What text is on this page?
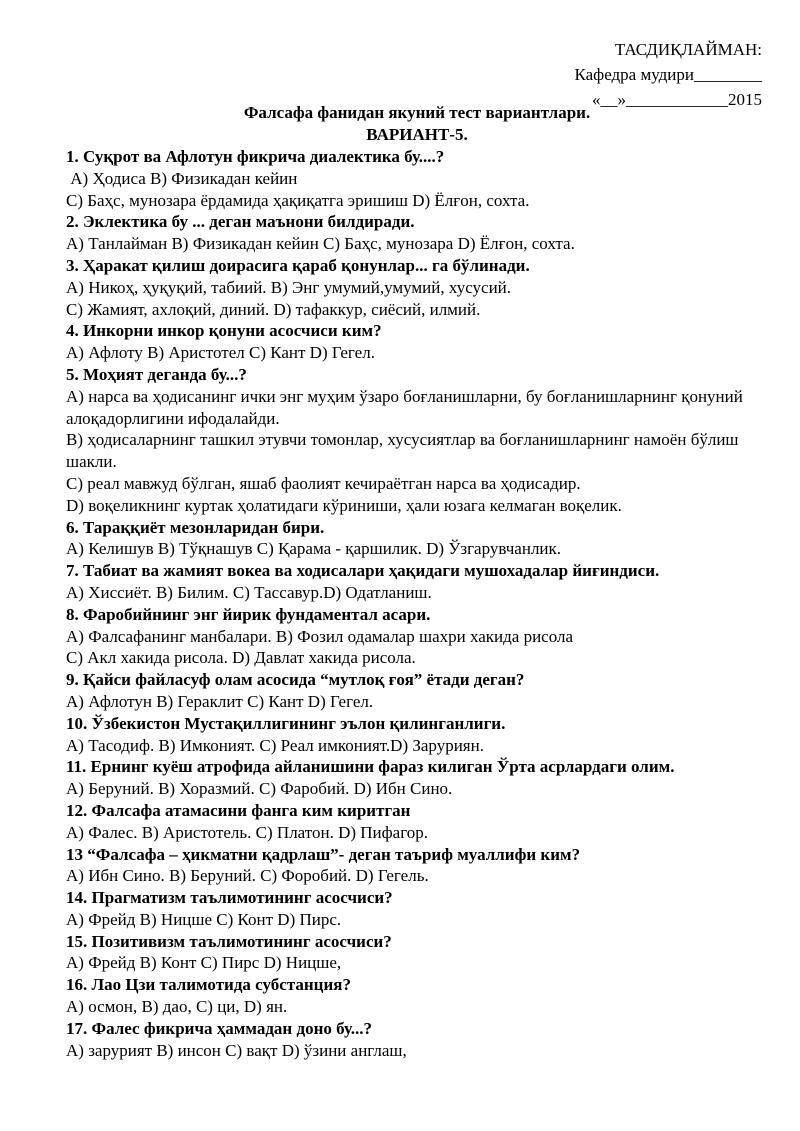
ТАСДИҚЛАЙМАН:
Кафедра мудири________
«__»____________2015
Фалсафа фанидан якуний тест вариантлари.
ВАРИАНТ-5.

1. Суқрот ва Афлотун фикрича диалектика бу....?

А) Ҳодиса В) Физикадан кейин

С) Баҳс, мунозара ёрдамида ҳақиқатга эришиш D) Ёлғон, сохта.

2. Эклектика бу ... деган маънони билдиради.

А) Танлайман В) Физикадан кейин С) Баҳс, мунозара D) Ёлғон, сохта.

3. Ҳаракат қилиш доирасига қараб қонунлар... га бўлинади.

А) Никоҳ, ҳуқуқий, табиий. В) Энг умумий,умумий, хусусий.

С) Жамият, ахлоқий, диний. D) тафаккур, сиёсий, илмий.

4. Инкорни инкор қонуни асосчиси ким?

А) Афлоту В) Аристотел С) Кант D) Гегел.

5. Моҳият деганда бу...?

А) нарса ва ҳодисанинг ички энг муҳим ўзаро боғланишларни, бу боғланишларнинг қонуний алоқадорлигини ифодалайди.

В) ҳодисаларнинг ташкил этувчи томонлар, хусусиятлар ва боғланишларнинг намоён бўлиш шакли.

С) реал мавжуд бўлган, яшаб фаолият кечираётган нарса ва ҳодисадир.

D) воқеликнинг куртак ҳолатидаги кўриниши, ҳали юзага келмаган воқелик.

6. Тараққиёт мезонларидан бири.

А) Келишув В) Тўқнашув С) Қарама - қаршилик. D) Ўзгарувчанлик.

7. Табиат ва жамият вокеа ва ходисалари ҳақидаги мушохадалар йиғиндиси.

А) Хиссиёт. В) Билим. С) Тассавур.D) Одатланиш.

8. Фаробийнинг энг йирик фундаментал асари.

А) Фалсафанинг манбалари. В) Фозил одамалар шахри хакида рисола

С) Акл хакида рисола. D) Давлат хакида рисола.

9. Қайси файласуф олам асосида “мутлоқ ғоя” ётади деган?

А) Афлотун В) Гераклит С) Кант D) Гегел.

10. Ўзбекистон Мустақиллигининг эълон қилинганлиги.

А) Тасодиф. В) Имконият. С) Реал имконият.D) Заруриян.

11. Ернинг куёш атрофида айланишини фараз килиган Ўрта асрлардаги олим.

А) Беруний. В) Хоразмий. С) Фаробий. D) Ибн Сино.

12. Фалсафа атамасини фанга ким киритган

А) Фалес. В) Аристотель. С) Платон. D) Пифагор.

13 “Фалсафа – ҳикматни қадрлаш”- деган таъриф муаллифи ким?

А) Ибн Сино. В) Беруний. С) Форобий. D) Гегель.

14. Прагматизм таълимотининг асосчиси?

А) Фрейд В) Ницше С) Конт D) Пирс.

15. Позитивизм таълимотининг асосчиси?

А) Фрейд В) Конт С) Пирс D) Ницше,

16. Лао Цзи талимотида субстанция?

А) осмон, В) дао, С) ци, D) ян.

17. Фалес фикрича ҳаммадан доно бу...?

А) зарурият В) инсон С) вақт D) ўзини англаш,
